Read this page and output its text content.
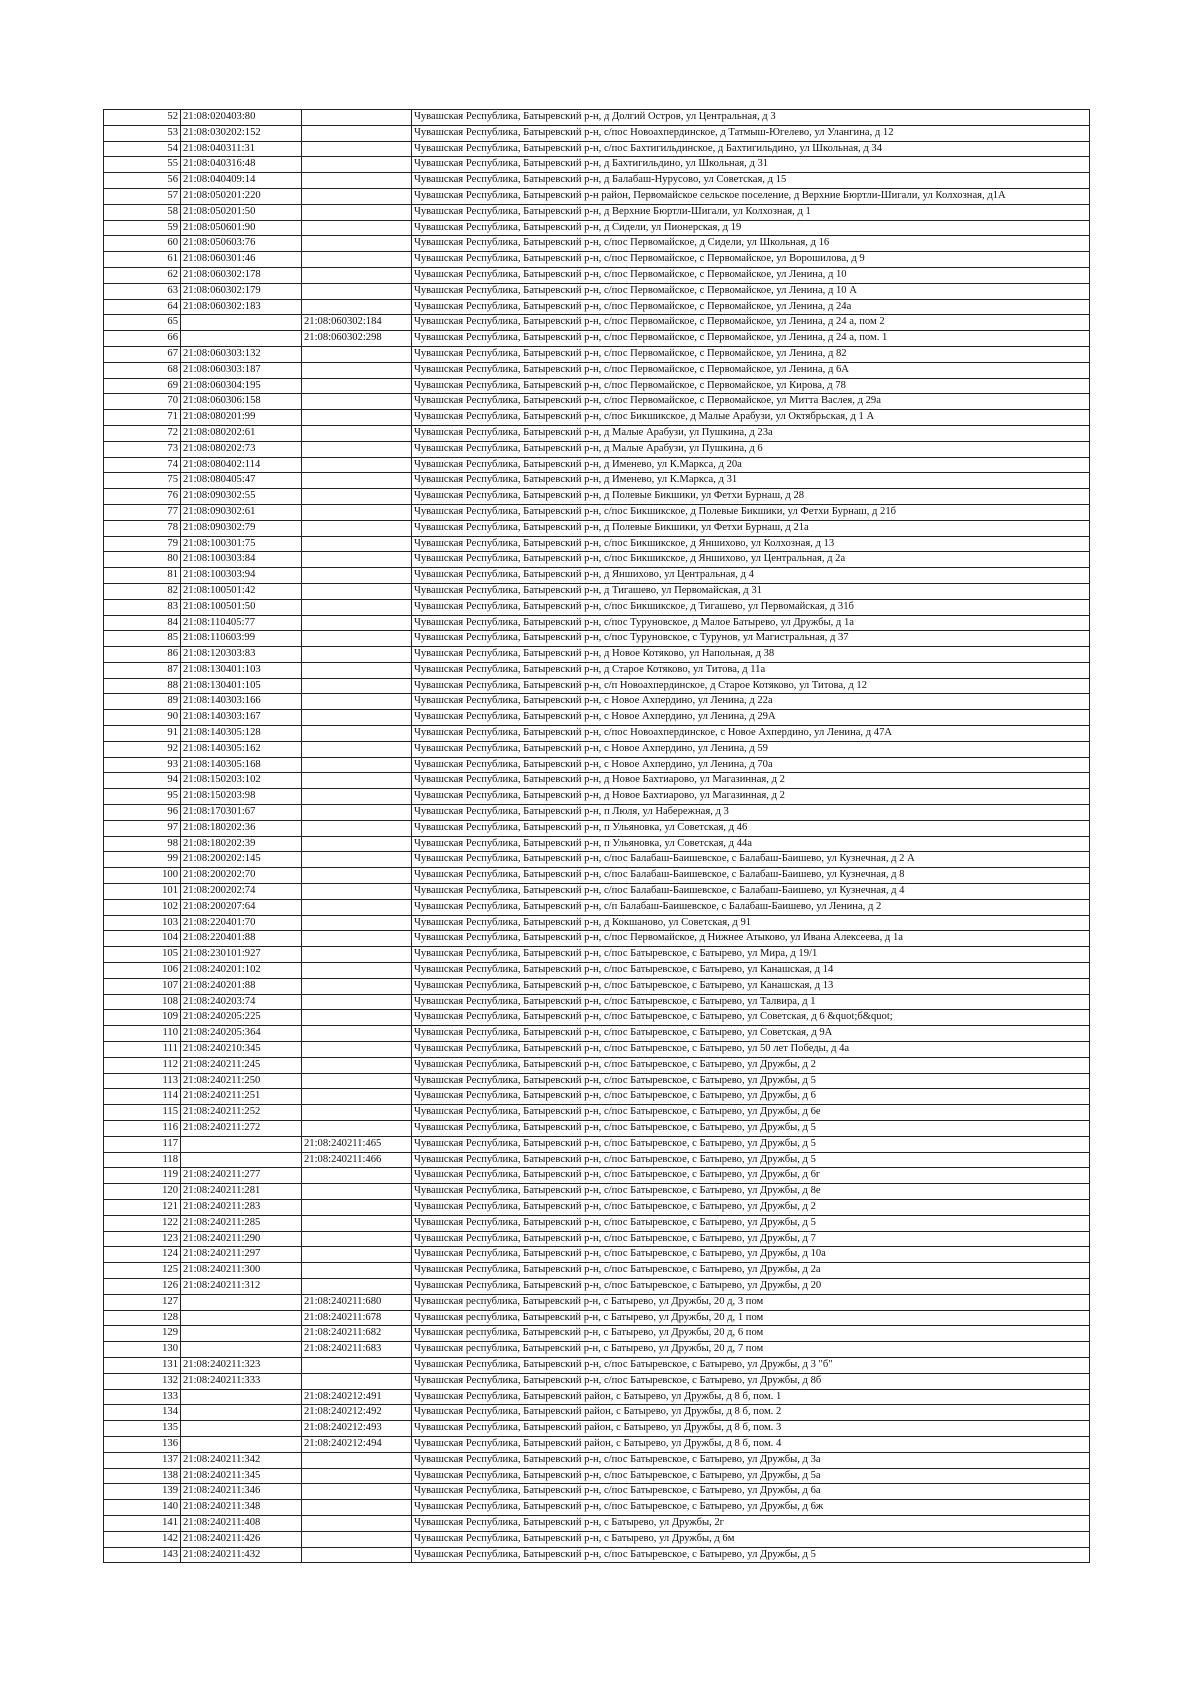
52	21:08:020403:80		Чувашская Республика, Батыревский р-н, д Долгий Остров, ул Центральная, д 3
53	21:08:030202:152		Чувашская Республика, Батыревский р-н, с/пос Новоахпердинское, д Татмыш-Югелево, ул Улангина, д 12
54	21:08:040311:31		Чувашская Республика, Батыревский р-н, с/пос Бахтигильдинское, д Бахтигильдино, ул Школьная, д 34
55	21:08:040316:48		Чувашская Республика, Батыревский р-н, д Бахтигильдино, ул Школьная, д 31
56	21:08:040409:14		Чувашская Республика, Батыревский р-н, д Балабаш-Нурусово, ул Советская, д 15
57	21:08:050201:220		Чувашская Республика, Батыревский р-н район, Первомайское сельское поселение, д Верхние Бюртли-Шигали, ул Колхозная, д1А
58	21:08:050201:50		Чувашская Республика, Батыревский р-н, д Верхние Бюртли-Шигали, ул Колхозная, д 1
59	21:08:050601:90		Чувашская Республика, Батыревский р-н, д Сидели, ул Пионерская, д 19
60	21:08:050603:76		Чувашская Республика, Батыревский р-н, с/пос Первомайское, д Сидели, ул Школьная, д 16
61	21:08:060301:46		Чувашская Республика, Батыревский р-н, с/пос Первомайское, с Первомайское, ул Ворошилова, д 9
62	21:08:060302:178		Чувашская Республика, Батыревский р-н, с/пос Первомайское, с Первомайское, ул Ленина, д 10
63	21:08:060302:179		Чувашская Республика, Батыревский р-н, с/пос Первомайское, с Первомайское, ул Ленина, д 10 А
64	21:08:060302:183		Чувашская Республика, Батыревский р-н, с/пос Первомайское, с Первомайское, ул Ленина, д 24а
65		21:08:060302:184	Чувашская Республика, Батыревский р-н, с/пос Первомайское, с Первомайское, ул Ленина, д 24 а, пом 2
66		21:08:060302:298	Чувашская Республика, Батыревский р-н, с/пос Первомайское, с Первомайское, ул Ленина, д 24 а, пом. 1
67	21:08:060303:132		Чувашская Республика, Батыревский р-н, с/пос Первомайское, с Первомайское, ул Ленина, д 82
68	21:08:060303:187		Чувашская Республика, Батыревский р-н, с/пос Первомайское, с Первомайское, ул Ленина, д 6А
69	21:08:060304:195		Чувашская Республика, Батыревский р-н, с/пос Первомайское, с Первомайское, ул Кирова, д 78
70	21:08:060306:158		Чувашская Республика, Батыревский р-н, с/пос Первомайское, с Первомайское, ул Митта Васлея, д 29а
71	21:08:080201:99		Чувашская Республика, Батыревский р-н, с/пос Бикшикское, д Малые Арабузи, ул Октябрьская, д 1 А
72	21:08:080202:61		Чувашская Республика, Батыревский р-н, д Малые Арабузи, ул Пушкина, д 23а
73	21:08:080202:73		Чувашская Республика, Батыревский р-н, д Малые Арабузи, ул Пушкина, д 6
74	21:08:080402:114		Чувашская Республика, Батыревский р-н, д Именево, ул К.Маркса, д 20а
75	21:08:080405:47		Чувашская Республика, Батыревский р-н, д Именево, ул К.Маркса, д 31
76	21:08:090302:55		Чувашская Республика, Батыревский р-н, д Полевые Бикшики, ул Фетхи Бурнаш, д 28
77	21:08:090302:61		Чувашская Республика, Батыревский р-н, с/пос Бикшикское, д Полевые Бикшики, ул Фетхи Бурнаш, д 21б
78	21:08:090302:79		Чувашская Республика, Батыревский р-н, д Полевые Бикшики, ул Фетхи Бурнаш, д 21а
79	21:08:100301:75		Чувашская Республика, Батыревский р-н, с/пос Бикшикское, д Яншихово, ул Колхозная, д 13
80	21:08:100303:84		Чувашская Республика, Батыревский р-н, с/пос Бикшикское, д Яншихово, ул Центральная, д 2а
81	21:08:100303:94		Чувашская Республика, Батыревский р-н, д Яншихово, ул Центральная, д 4
82	21:08:100501:42		Чувашская Республика, Батыревский р-н, д Тигашево, ул Первомайская, д 31
83	21:08:100501:50		Чувашская Республика, Батыревский р-н, с/пос Бикшикское, д Тигашево, ул Первомайская, д 31б
84	21:08:110405:77		Чувашская Республика, Батыревский р-н, с/пос Туруновское, д Малое Батырево, ул Дружбы, д 1а
85	21:08:110603:99		Чувашская Республика, Батыревский р-н, с/пос Туруновское, с Турунов, ул Магистральная, д 37
86	21:08:120303:83		Чувашская Республика, Батыревский р-н, д Новое Котяково, ул Напольная, д 38
87	21:08:130401:103		Чувашская Республика, Батыревский р-н, д Старое Котяково, ул Титова, д 11а
88	21:08:130401:105		Чувашская Республика, Батыревский р-н, с/п Новоахпердинское, д Старое Котяково, ул Титова, д 12
89	21:08:140303:166		Чувашская Республика, Батыревский р-н, с Новое Ахпердино, ул Ленина, д 22а
90	21:08:140303:167		Чувашская Республика, Батыревский р-н, с Новое Ахпердино, ул Ленина, д 29А
91	21:08:140305:128		Чувашская Республика, Батыревский р-н, с/пос Новоахпердинское, с Новое Ахпердино, ул Ленина, д 47А
92	21:08:140305:162		Чувашская Республика, Батыревский р-н, с Новое Ахпердино, ул Ленина, д 59
93	21:08:140305:168		Чувашская Республика, Батыревский р-н, с Новое Ахпердино, ул Ленина, д 70а
94	21:08:150203:102		Чувашская Республика, Батыревский р-н, д Новое Бахтиарово, ул Магазинная, д 2
95	21:08:150203:98		Чувашская Республика, Батыревский р-н, д Новое Бахтиарово, ул Магазинная, д 2
96	21:08:170301:67		Чувашская Республика, Батыревский р-н, п Люля, ул Набережная, д 3
97	21:08:180202:36		Чувашская Республика, Батыревский р-н, п Ульяновка, ул Советская, д 46
98	21:08:180202:39		Чувашская Республика, Батыревский р-н, п Ульяновка, ул Советская, д 44а
99	21:08:200202:145		Чувашская Республика, Батыревский р-н, с/пос Балабаш-Баишевское, с Балабаш-Баишево, ул Кузнечная, д 2 А
100	21:08:200202:70		Чувашская Республика, Батыревский р-н, с/пос Балабаш-Баишевское, с Балабаш-Баишево, ул Кузнечная, д 8
101	21:08:200202:74		Чувашская Республика, Батыревский р-н, с/пос Балабаш-Баишевское, с Балабаш-Баишево, ул Кузнечная, д 4
102	21:08:200207:64		Чувашская Республика, Батыревский р-н, с/п Балабаш-Баишевское, с Балабаш-Баишево, ул Ленина, д 2
103	21:08:220401:70		Чувашская Республика, Батыревский р-н, д Кокшаново, ул Советская, д 91
104	21:08:220401:88		Чувашская Республика, Батыревский р-н, с/пос Первомайское, д Нижнее Атыково, ул Ивана Алексеева, д 1а
105	21:08:230101:927		Чувашская Республика, Батыревский р-н, с/пос Батыревское, с Батырево, ул Мира, д 19/1
106	21:08:240201:102		Чувашская Республика, Батыревский р-н, с/пос Батыревское, с Батырево, ул Канашская, д 14
107	21:08:240201:88		Чувашская Республика, Батыревский р-н, с/пос Батыревское, с Батырево, ул Канашская, д 13
108	21:08:240203:74		Чувашская Республика, Батыревский р-н, с/пос Батыревское, с Батырево, ул Талвира, д 1
109	21:08:240205:225		Чувашская Республика, Батыревский р-н, с/пос Батыревское, с Батырево, ул Советская, д 6 &quot;б&quot;
110	21:08:240205:364		Чувашская Республика, Батыревский р-н, с/пос Батыревское, с Батырево, ул Советская, д 9А
111	21:08:240210:345		Чувашская Республика, Батыревский р-н, с/пос Батыревское, с Батырево, ул 50 лет Победы, д 4а
112	21:08:240211:245		Чувашская Республика, Батыревский р-н, с/пос Батыревское, с Батырево, ул Дружбы, д 2
113	21:08:240211:250		Чувашская Республика, Батыревский р-н, с/пос Батыревское, с Батырево, ул Дружбы, д 5
114	21:08:240211:251		Чувашская Республика, Батыревский р-н, с/пос Батыревское, с Батырево, ул Дружбы, д 6
115	21:08:240211:252		Чувашская Республика, Батыревский р-н, с/пос Батыревское, с Батырево, ул Дружбы, д 6е
116	21:08:240211:272		Чувашская Республика, Батыревский р-н, с/пос Батыревское, с Батырево, ул Дружбы, д 5
117		21:08:240211:465	Чувашская Республика, Батыревский р-н, с/пос Батыревское, с Батырево, ул Дружбы, д 5
118		21:08:240211:466	Чувашская Республика, Батыревский р-н, с/пос Батыревское, с Батырево, ул Дружбы, д 5
119	21:08:240211:277		Чувашская Республика, Батыревский р-н, с/пос Батыревское, с Батырево, ул Дружбы, д 6г
120	21:08:240211:281		Чувашская Республика, Батыревский р-н, с/пос Батыревское, с Батырево, ул Дружбы, д 8е
121	21:08:240211:283		Чувашская Республика, Батыревский р-н, с/пос Батыревское, с Батырево, ул Дружбы, д 2
122	21:08:240211:285		Чувашская Республика, Батыревский р-н, с/пос Батыревское, с Батырево, ул Дружбы, д 5
123	21:08:240211:290		Чувашская Республика, Батыревский р-н, с/пос Батыревское, с Батырево, ул Дружбы, д 7
124	21:08:240211:297		Чувашская Республика, Батыревский р-н, с/пос Батыревское, с Батырево, ул Дружбы, д 10а
125	21:08:240211:300		Чувашская Республика, Батыревский р-н, с/пос Батыревское, с Батырево, ул Дружбы, д 2а
126	21:08:240211:312		Чувашская Республика, Батыревский р-н, с/пос Батыревское, с Батырево, ул Дружбы, д 20
127		21:08:240211:680	Чувашская республика, Батыревский р-н, с Батырево, ул Дружбы, 20 д, 3 пом
128		21:08:240211:678	Чувашская республика, Батыревский р-н, с Батырево, ул Дружбы, 20 д, 1 пом
129		21:08:240211:682	Чувашская республика, Батыревский р-н, с Батырево, ул Дружбы, 20 д, 6 пом
130		21:08:240211:683	Чувашская республика, Батыревский р-н, с Батырево, ул Дружбы, 20 д, 7 пом
131	21:08:240211:323		Чувашская Республика, Батыревский р-н, с/пос Батыревское, с Батырево, ул Дружбы, д 3 "б"
132	21:08:240211:333		Чувашская Республика, Батыревский р-н, с/пос Батыревское, с Батырево, ул Дружбы, д 8б
133		21:08:240212:491	Чувашская Республика, Батыревский район, с Батырево, ул Дружбы, д 8 б, пом. 1
134		21:08:240212:492	Чувашская Республика, Батыревский район, с Батырево, ул Дружбы, д 8 б, пом. 2
135		21:08:240212:493	Чувашская Республика, Батыревский район, с Батырево, ул Дружбы, д 8 б, пом. 3
136		21:08:240212:494	Чувашская Республика, Батыревский район, с Батырево, ул Дружбы, д 8 б, пом. 4
137	21:08:240211:342		Чувашская Республика, Батыревский р-н, с/пос Батыревское, с Батырево, ул Дружбы, д 3а
138	21:08:240211:345		Чувашская Республика, Батыревский р-н, с/пос Батыревское, с Батырево, ул Дружбы, д 5а
139	21:08:240211:346		Чувашская Республика, Батыревский р-н, с/пос Батыревское, с Батырево, ул Дружбы, д 6а
140	21:08:240211:348		Чувашская Республика, Батыревский р-н, с/пос Батыревское, с Батырево, ул Дружбы, д 6ж
141	21:08:240211:408		Чувашская Республика, Батыревский р-н, с Батырево, ул Дружбы, 2г
142	21:08:240211:426		Чувашская Республика, Батыревский р-н, с Батырево, ул Дружбы, д 6м
143	21:08:240211:432		Чувашская Республика, Батыревский р-н, с/пос Батыревское, с Батырево, ул Дружбы, д 5
